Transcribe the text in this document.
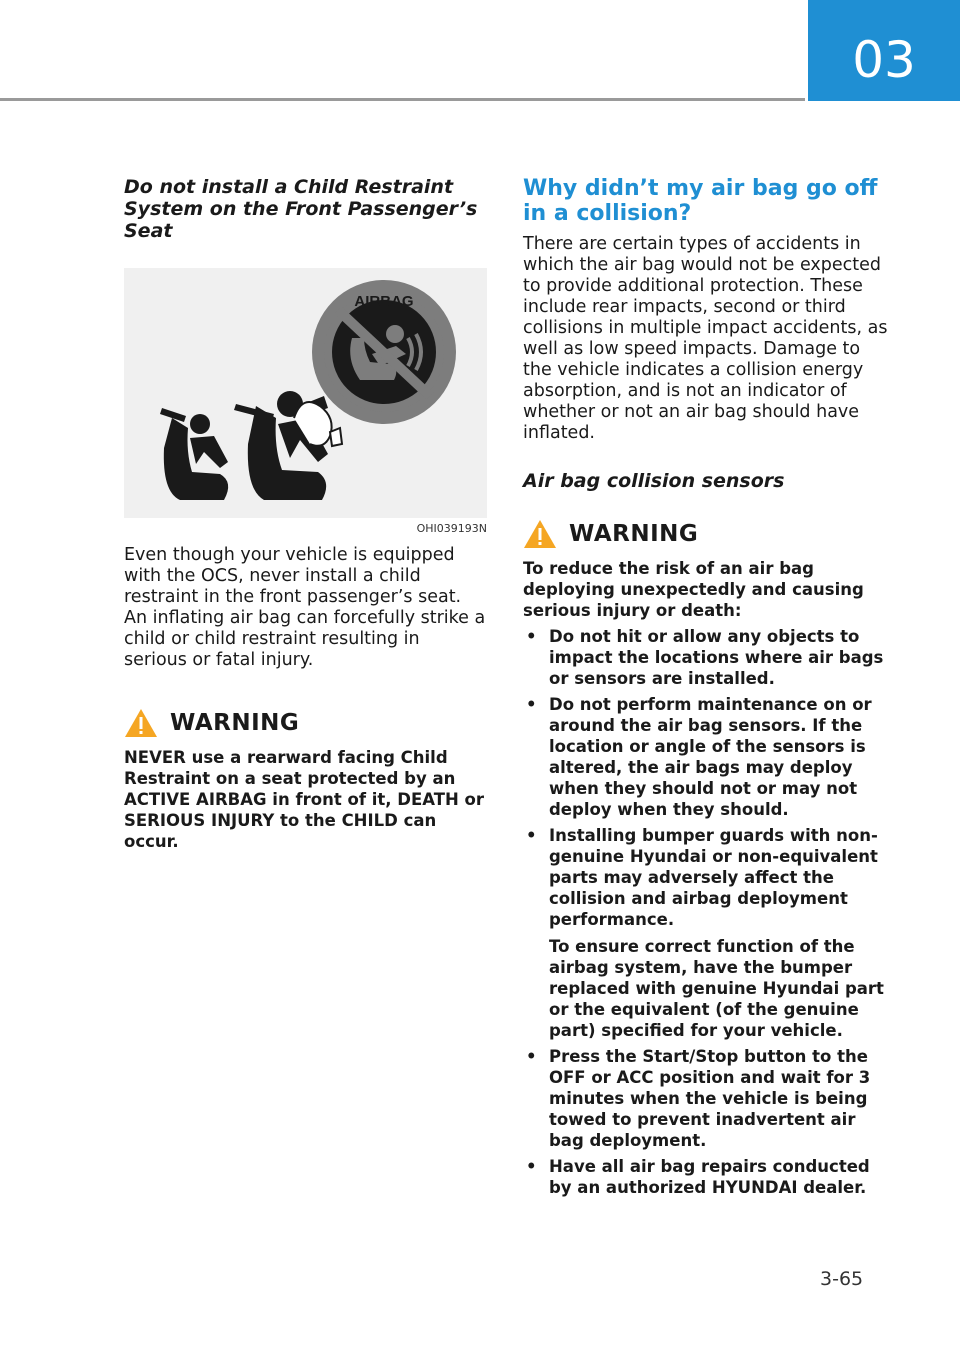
03
Do not install a Child Restraint System on the Front Passenger’s Seat
AIRBAG
OHI039193N

Even though your vehicle is equipped with the OCS, never install a child restraint in the front passenger’s seat. An inflating air bag can forcefully strike a child or child restraint resulting in serious or fatal injury.

WARNING

NEVER use a rearward facing Child Restraint on a seat protected by an ACTIVE AIRBAG in front of it, DEATH or SERIOUS INJURY to the CHILD can occur.

Why didn’t my air bag go off in a collision?

There are certain types of accidents in which the air bag would not be expected to provide additional protection. These include rear impacts, second or third collisions in multiple impact accidents, as well as low speed impacts. Damage to the vehicle indicates a collision energy absorption, and is not an indicator of whether or not an air bag should have inflated.

Air bag collision sensors
WARNING

To reduce the risk of an air bag deploying unexpectedly and causing serious injury or death:

• Do not hit or allow any objects to impact the locations where air bags or sensors are installed.
• Do not perform maintenance on or around the air bag sensors. If the location or angle of the sensors is altered, the air bags may deploy when they should not or may not deploy when they should.
• Installing bumper guards with non-genuine Hyundai or non-equivalent parts may adversely affect the collision and airbag deployment performance.
To ensure correct function of the airbag system, have the bumper replaced with genuine Hyundai part or the equivalent (of the genuine part) specified for your vehicle.
• Press the Start/Stop button to the OFF or ACC position and wait for 3 minutes when the vehicle is being towed to prevent inadvertent air bag deployment.
• Have all air bag repairs conducted by an authorized HYUNDAI dealer.
3-65
